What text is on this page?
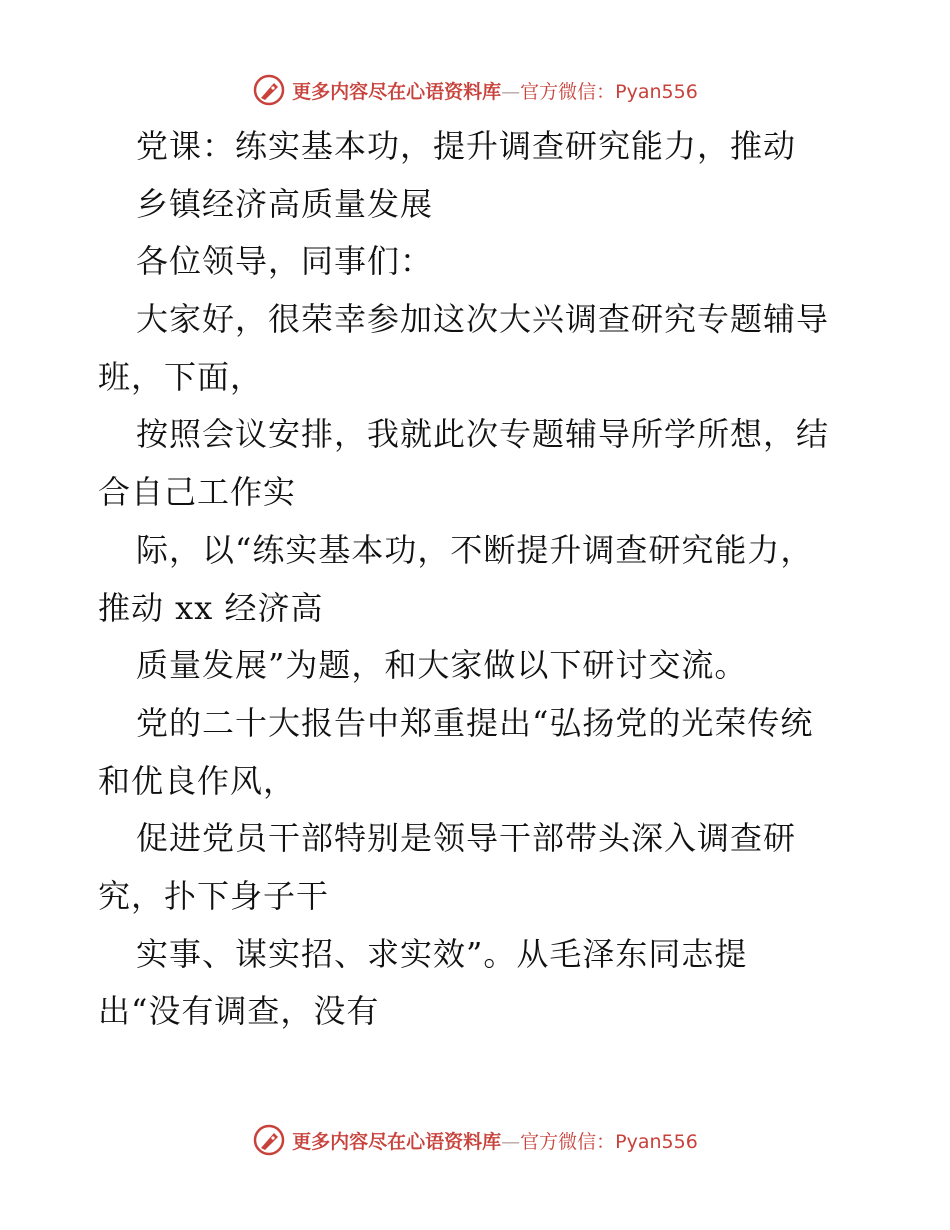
更多内容尽在心语资料库—官方微信：Pyan556
党课：练实基本功，提升调查研究能力，推动
乡镇经济高质量发展
各位领导，同事们：
大家好，很荣幸参加这次大兴调查研究专题辅导
班，下面，
按照会议安排，我就此次专题辅导所学所想，结
合自己工作实
际，以“练实基本功，不断提升调查研究能力，
推动 xx 经济高
质量发展”为题，和大家做以下研讨交流。
党的二十大报告中郑重提出“弘扬党的光荣传统
和优良作风，
促进党员干部特别是领导干部带头深入调查研
究，扑下身子干
实事、谋实招、求实效”。从毛泽东同志提
出“没有调查，没有
更多内容尽在心语资料库—官方微信：Pyan556
